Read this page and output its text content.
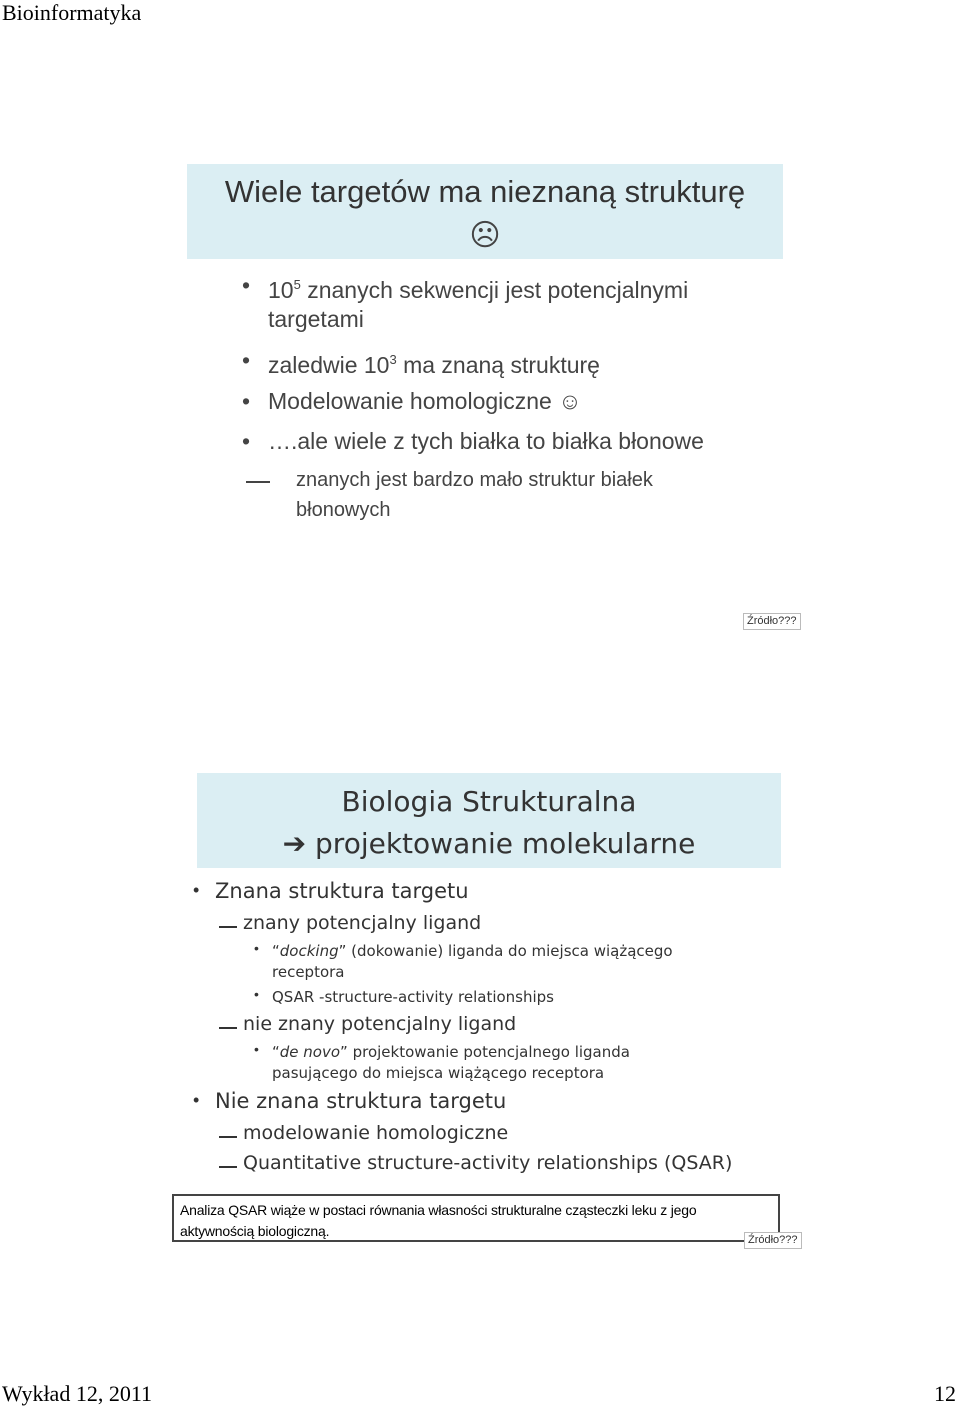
Bioinformatyka
Wiele targetów ma nieznaną strukturę
☹
• $10^5$ znanych sekwencji jest potencjalnymi
targetami
• zaledwie $10^3$ ma znaną strukturę
• Modelowanie homologiczne ☺
• ….ale wiele z tych białka to białka błonowe
znanych jest bardzo mało struktur białek
błonowych
Źródło???
Biologia Strukturalna
➔ projektowanie molekularne
• Znana struktura targetu
znany potencjalny ligand
• “docking” (dokowanie) liganda do miejsca wiążącego
receptora
• QSAR -structure-activity relationships
nie znany potencjalny ligand
• “de novo” projektowanie potencjalnego liganda
pasującego do miejsca wiążącego receptora
• Nie znana struktura targetu
modelowanie homologiczne
Quantitative structure-activity relationships (QSAR)
Analiza QSAR wiąże w postaci równania własności strukturalne cząsteczki leku z jego
aktywnością biologiczną.
Źródło???
Wykład 12, 2011	12
